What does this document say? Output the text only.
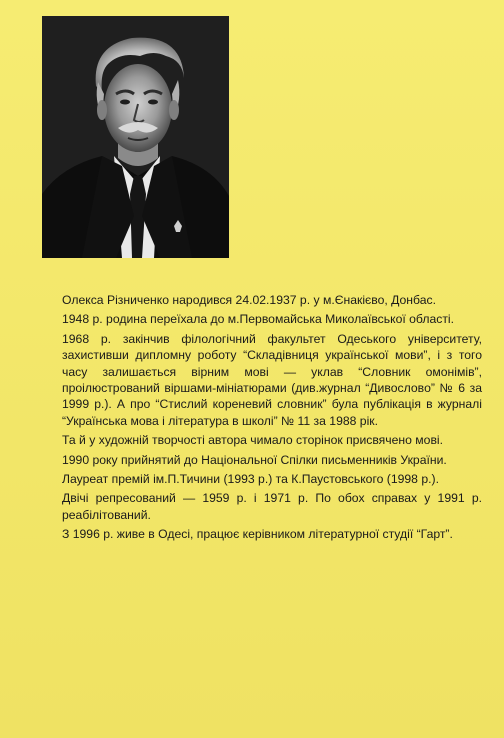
Олекса Різниченко народився 24.02.1937 р. у м.Єнакієво, Донбас.

1948 р. родина переїхала до м.Первомайська Миколаївської області.

1968 р. закінчив філологічний факультет Одеського університету, захистивши дипломну роботу “Складівниця української мови”, і з того часу залишається вірним мові — уклав “Словник омонімів”, проілюстрований віршами-мініатюрами (див.журнал “Дивословo” № 6 за 1999 р.). А про “Стислий кореневий словник” була публікація в журналі “Українська мова і література в школі” № 11 за 1988 рік.

Та й у художній творчості автора чимало сторінок присвячено мові.

1990 року прийнятий до Національної Спілки письменників України.

Лауреат премій ім.П.Тичини (1993 р.) та К.Паустовського (1998 р.).

Двічі репресований — 1959 р. і 1971 р. По обох справах у 1991 р. реабілітований.

З 1996 р. живе в Одесі, працює керівником літературної студії “Гарт”.
